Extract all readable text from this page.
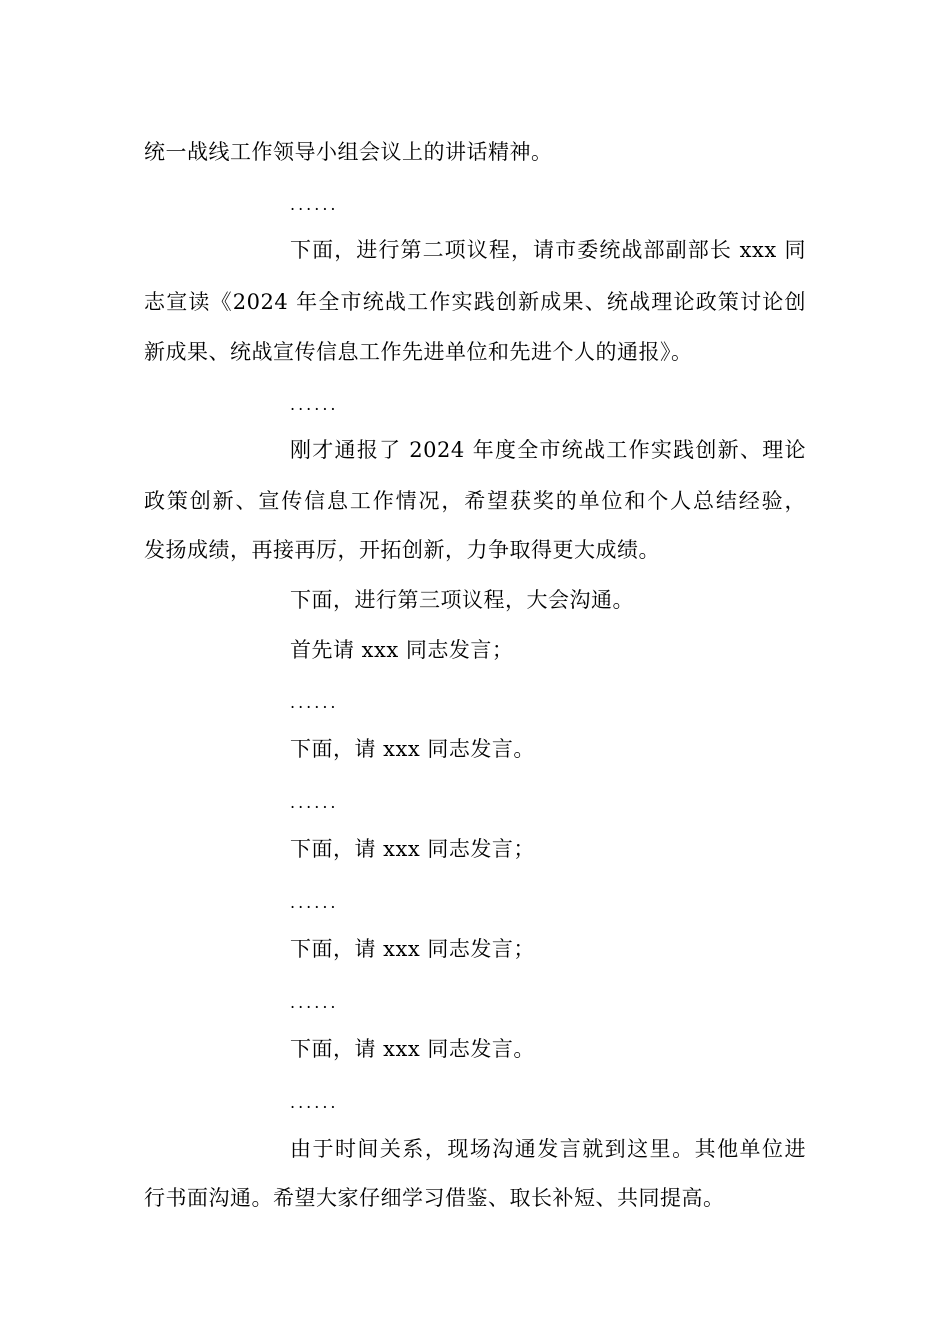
统一战线工作领导小组会议上的讲话精神。
......
下面，进行第二项议程，请市委统战部副部长 xxx 同
志宣读《2024 年全市统战工作实践创新成果、统战理论政策讨论创
新成果、统战宣传信息工作先进单位和先进个人的通报》。
......
刚才通报了 2024 年度全市统战工作实践创新、理论
政策创新、宣传信息工作情况，希望获奖的单位和个人总结经验，
发扬成绩，再接再厉，开拓创新，力争取得更大成绩。
下面，进行第三项议程，大会沟通。
首先请 xxx 同志发言；
......
下面，请 xxx 同志发言。
......
下面，请 xxx 同志发言；
......
下面，请 xxx 同志发言；
......
下面，请 xxx 同志发言。
......
由于时间关系，现场沟通发言就到这里。其他单位进
行书面沟通。希望大家仔细学习借鉴、取长补短、共同提高。
